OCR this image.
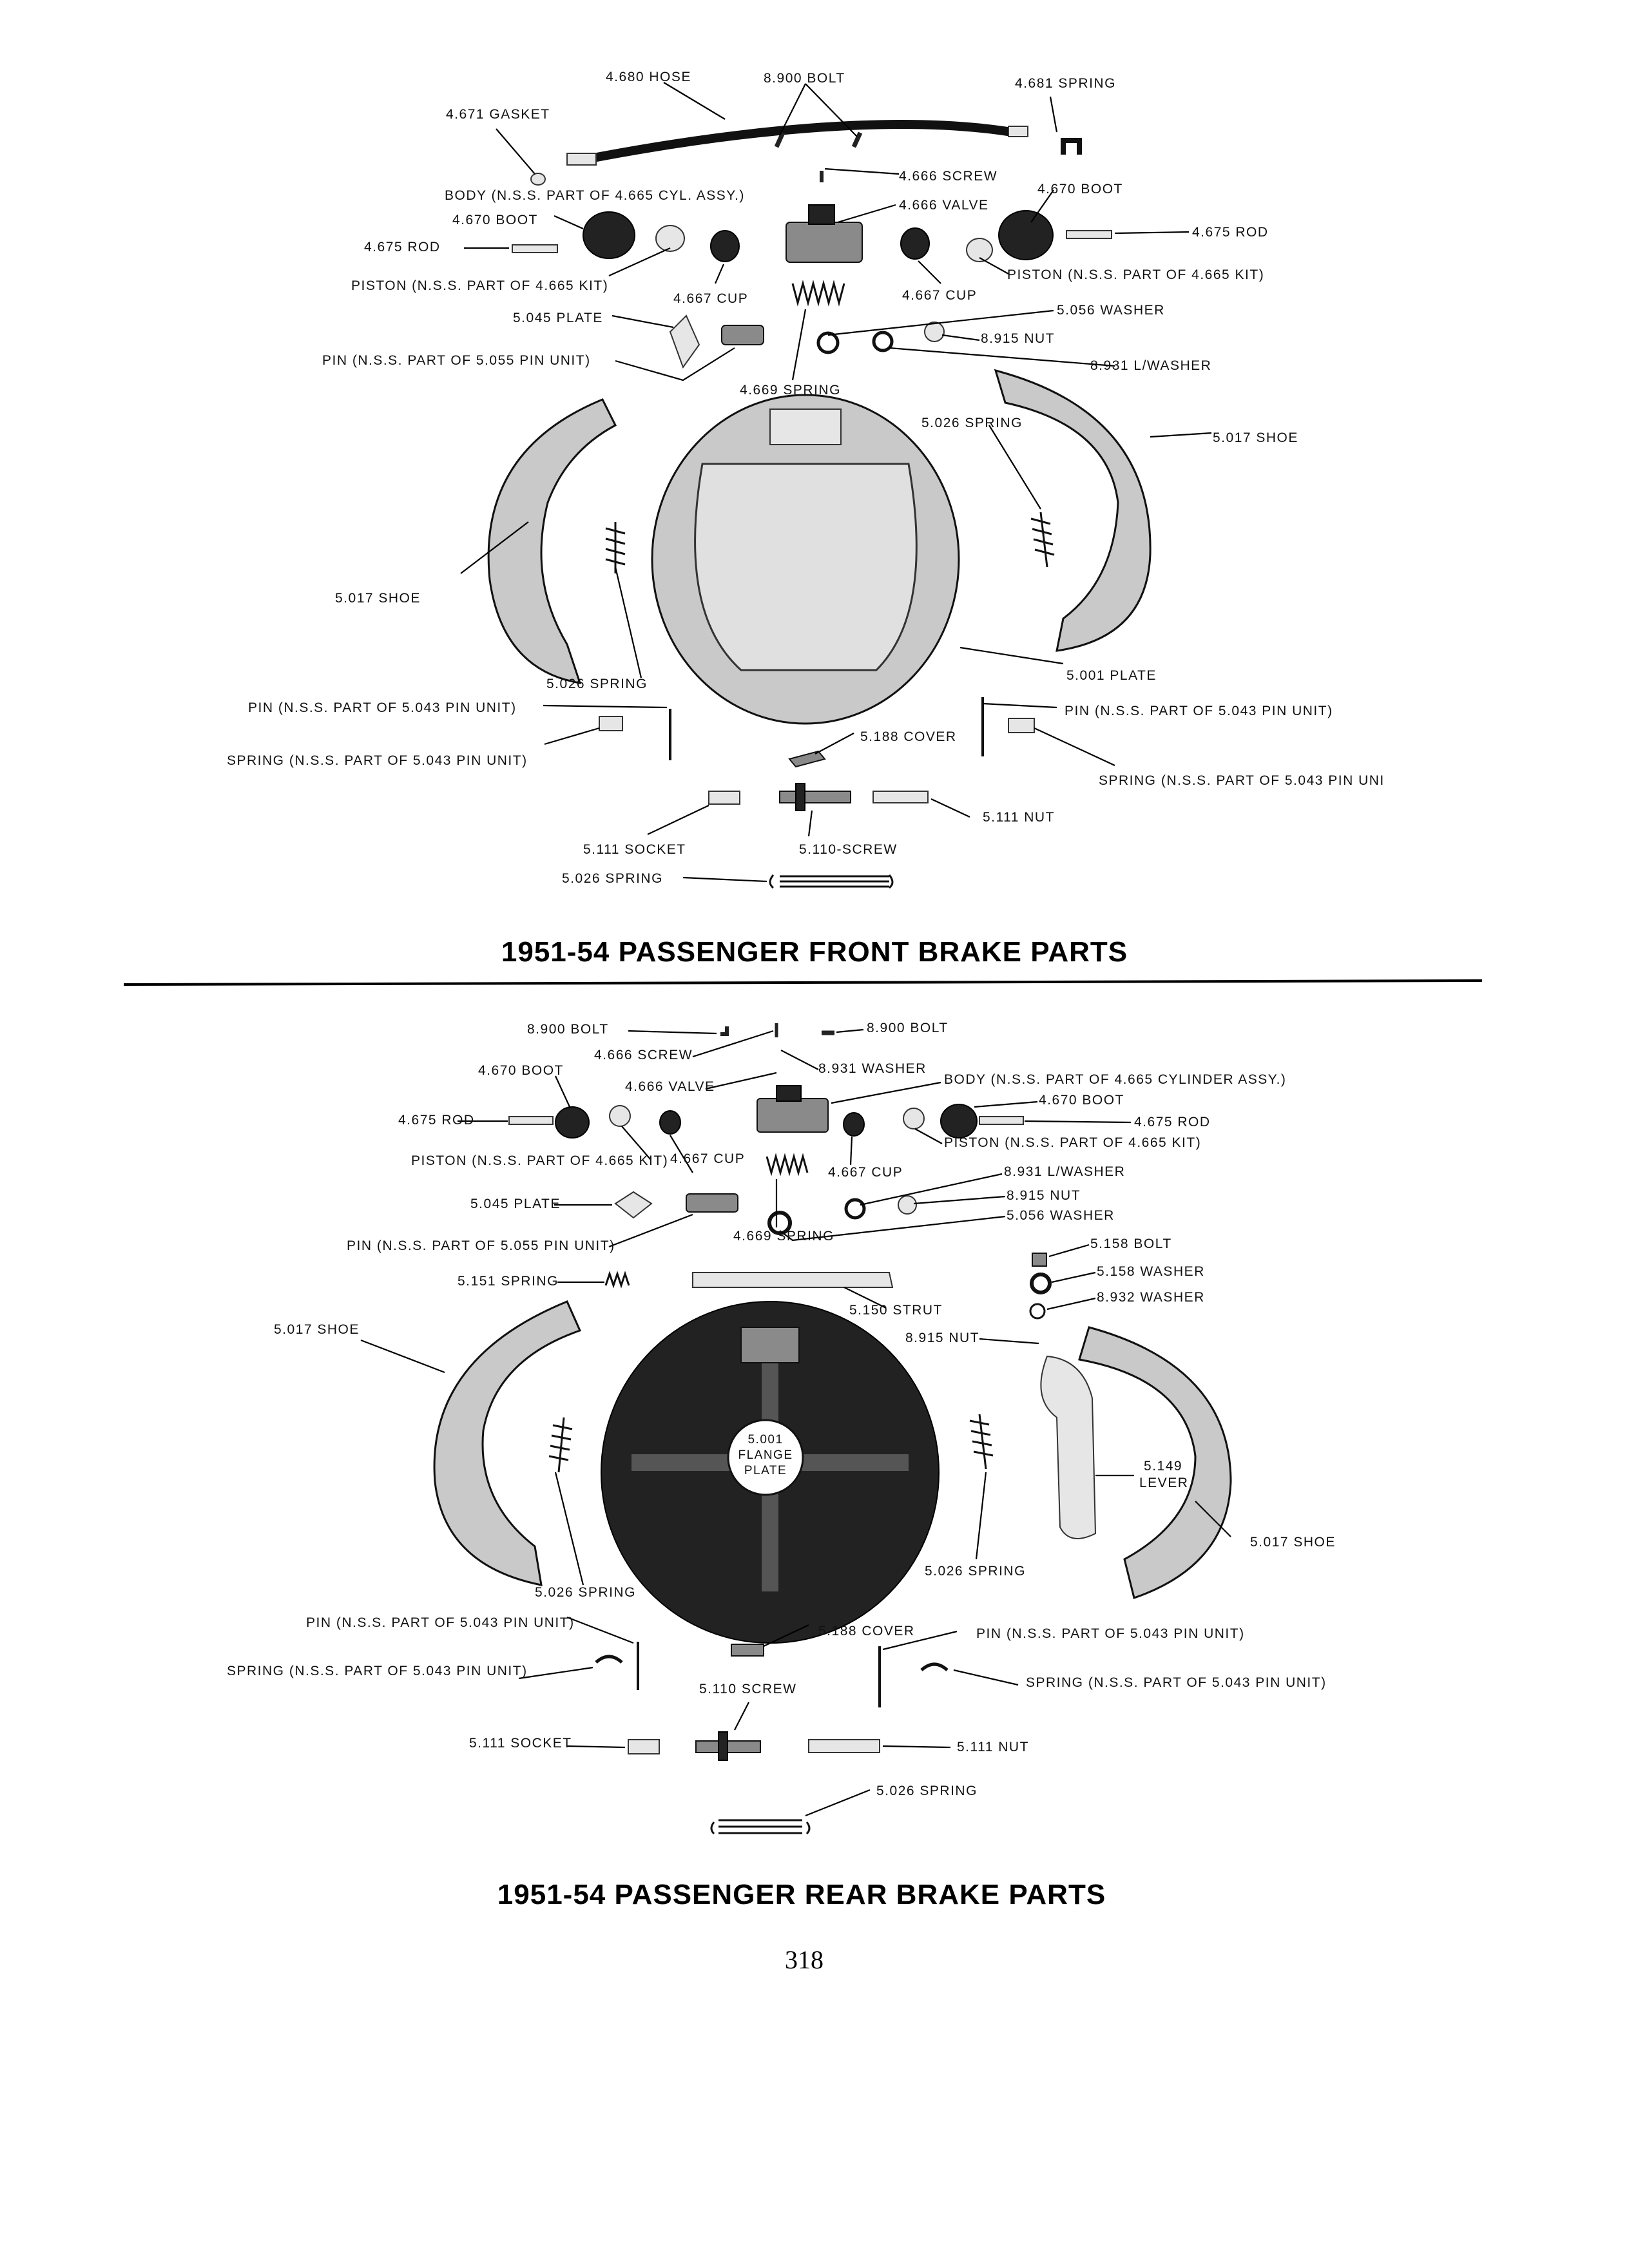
4.680 HOSE	8.900 BOLT	4.681 SPRING
4.671 GASKET
4.666 SCREW
4.670 BOOT
BODY (N.S.S. PART OF 4.665 CYL. ASSY.)
4.666 VALVE
4.670 BOOT
4.675 ROD
4.675 ROD
PISTON (N.S.S. PART OF 4.665 KIT)
PISTON (N.S.S. PART OF 4.665 KIT)
4.667 CUP	4.667 CUP
5.045 PLATE
5.056 WASHER
8.915 NUT
PIN (N.S.S. PART OF 5.055 PIN UNIT)	8.931 L/WASHER
4.669 SPRING
5.026 SPRING
5.017 SHOE
5.017 SHOE
5.026 SPRING
5.001 PLATE
PIN (N.S.S. PART OF 5.043 PIN UNIT)	PIN (N.S.S. PART OF 5.043 PIN UNIT)
5.188 COVER
SPRING (N.S.S. PART OF 5.043 PIN UNIT)
SPRING (N.S.S. PART OF 5.043 PIN UNI
5.111 NUT
5.111 SOCKET	5.110-SCREW
5.026 SPRING
1951-54 PASSENGER FRONT BRAKE PARTS
8.900 BOLT	8.900 BOLT
4.666 SCREW
4.670 BOOT	8.931 WASHER
4.666 VALVE	BODY (N.S.S. PART OF 4.665 CYLINDER ASSY.)
4.670 BOOT
4.675 ROD	4.675 ROD
PISTON (N.S.S. PART OF 4.665 KIT)
PISTON (N.S.S. PART OF 4.665 KIT) 4.667 CUP
4.667 CUP	8.931 L/WASHER
5.045 PLATE
8.915 NUT
5.056 WASHER
PIN (N.S.S. PART OF 5.055 PIN UNIT)
4.669 SPRING
5.158 BOLT
5.158 WASHER
5.151 SPRING
8.932 WASHER
5.150 STRUT
5.017 SHOE
8.915 NUT
5.001
FLANGE
PLATE	5.149
LEVER
5.017 SHOE
5.026 SPRING
5.026 SPRING
PIN (N.S.S. PART OF 5.043 PIN UNIT)
5.188 COVER	PIN (N.S.S. PART OF 5.043 PIN UNIT)
SPRING (N.S.S. PART OF 5.043 PIN UNIT)
SPRING (N.S.S. PART OF 5.043 PIN UNIT)
5.110 SCREW
5.111 SOCKET	5.111 NUT
5.026 SPRING
1951-54 PASSENGER REAR BRAKE PARTS
318
